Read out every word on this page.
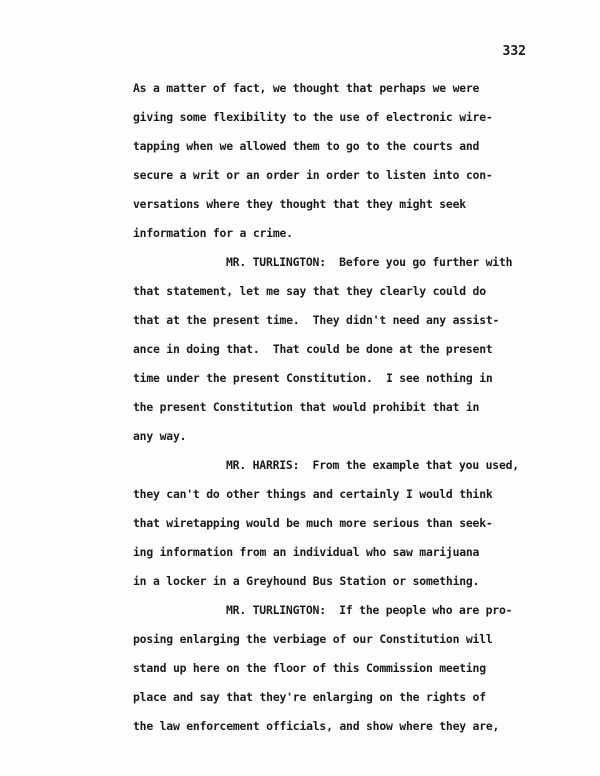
332
As a matter of fact, we thought that perhaps we were
giving some flexibility to the use of electronic wire-
tapping when we allowed them to go to the courts and
secure a writ or an order in order to listen into con-
versations where they thought that they might seek
information for a crime.
MR. TURLINGTON:  Before you go further with
that statement, let me say that they clearly could do
that at the present time.  They didn't need any assist-
ance in doing that.  That could be done at the present
time under the present Constitution.  I see nothing in
the present Constitution that would prohibit that in
any way.
MR. HARRIS:  From the example that you used,
they can't do other things and certainly I would think
that wiretapping would be much more serious than seek-
ing information from an individual who saw marijuana
in a locker in a Greyhound Bus Station or something.
MR. TURLINGTON:  If the people who are pro-
posing enlarging the verbiage of our Constitution will
stand up here on the floor of this Commission meeting
place and say that they're enlarging on the rights of
the law enforcement officials, and show where they are,
